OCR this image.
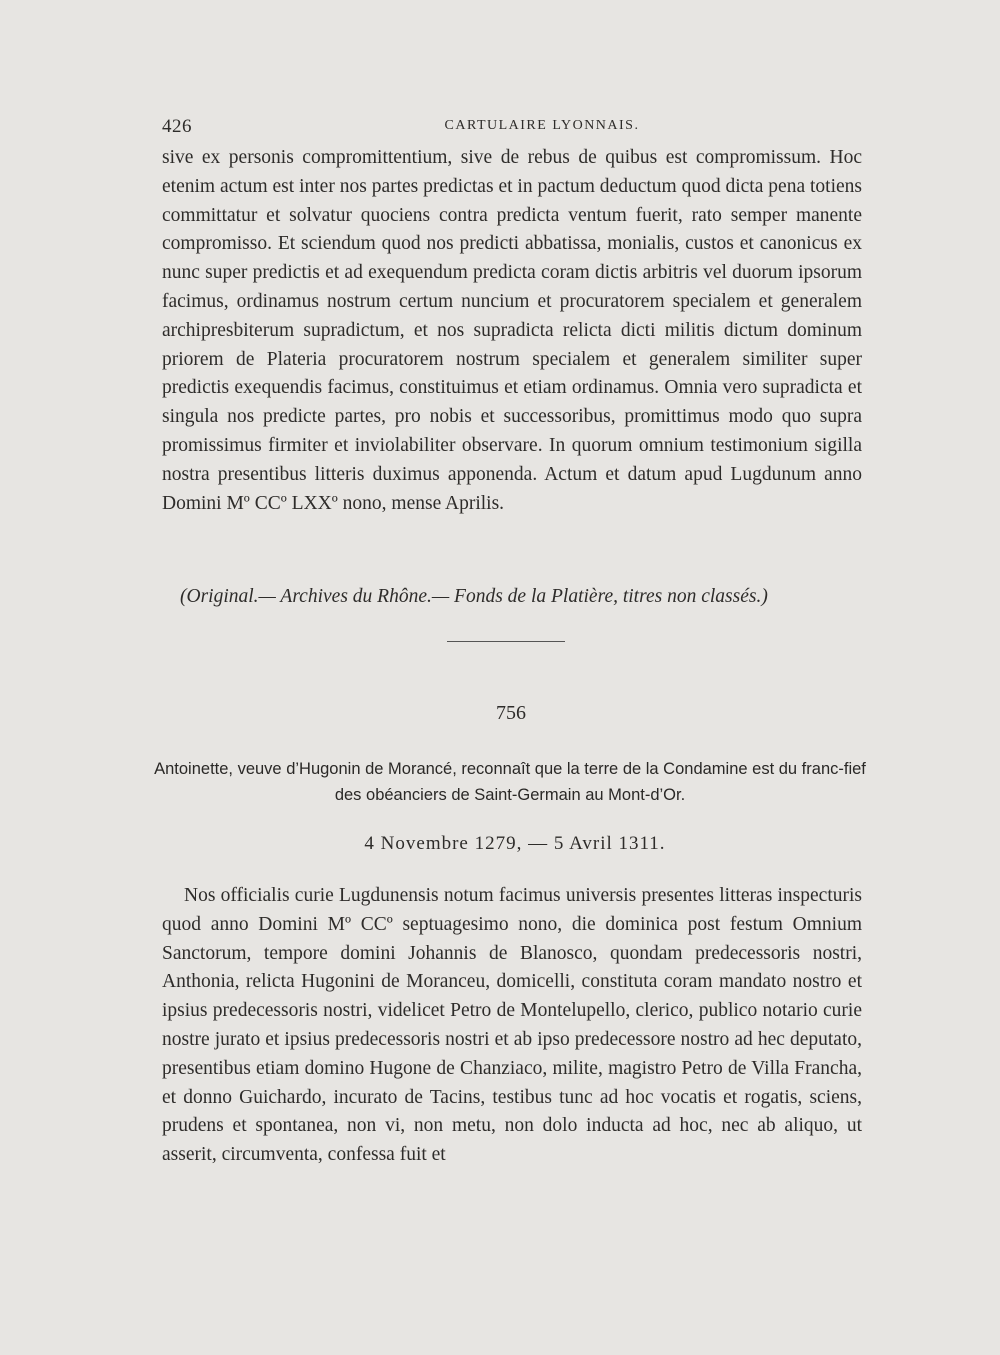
426	CARTULAIRE LYONNAIS.

sive ex personis compromittentium, sive de rebus de quibus est compromissum. Hoc etenim actum est inter nos partes predictas et in pactum deductum quod dicta pena totiens committatur et solvatur quociens contra predicta ventum fuerit, rato semper manente compromisso. Et sciendum quod nos predicti abbatissa, monialis, custos et canonicus ex nunc super predictis et ad exequendum predicta coram dictis arbitris vel duorum ipsorum facimus, ordinamus nostrum certum nuncium et procuratorem specialem et generalem archipresbiterum supradictum, et nos supradicta relicta dicti militis dictum dominum priorem de Plateria procuratorem nostrum specialem et generalem similiter super predictis exequendis facimus, constituimus et etiam ordinamus. Omnia vero supradicta et singula nos predicte partes, pro nobis et successoribus, promittimus modo quo supra promissimus firmiter et inviolabiliter observare. In quorum omnium testimonium sigilla nostra presentibus litteris duximus apponenda. Actum et datum apud Lugdunum anno Domini Mº CCº LXXº nono, mense Aprilis.

(Original.— Archives du Rhône.— Fonds de la Platière, titres non classés.)

756

Antoinette, veuve d’Hugonin de Morancé, reconnaît que la terre de la Condamine est du franc-fief des obéanciers de Saint-Germain au Mont-d’Or.

4 Novembre 1279, — 5 Avril 1311.

Nos officialis curie Lugdunensis notum facimus universis presentes litteras inspecturis quod anno Domini Mº CCº septuagesimo nono, die dominica post festum Omnium Sanctorum, tempore domini Johannis de Blanosco, quondam predecessoris nostri, Anthonia, relicta Hugonini de Moranceu, domicelli, constituta coram mandato nostro et ipsius predecessoris nostri, videlicet Petro de Montelupello, clerico, publico notario curie nostre jurato et ipsius predecessoris nostri et ab ipso predecessore nostro ad hec deputato, presentibus etiam domino Hugone de Chanziaco, milite, magistro Petro de Villa Francha, et donno Guichardo, incurato de Tacins, testibus tunc ad hoc vocatis et rogatis, sciens, prudens et spontanea, non vi, non metu, non dolo inducta ad hoc, nec ab aliquo, ut asserit, circumventa, confessa fuit et
